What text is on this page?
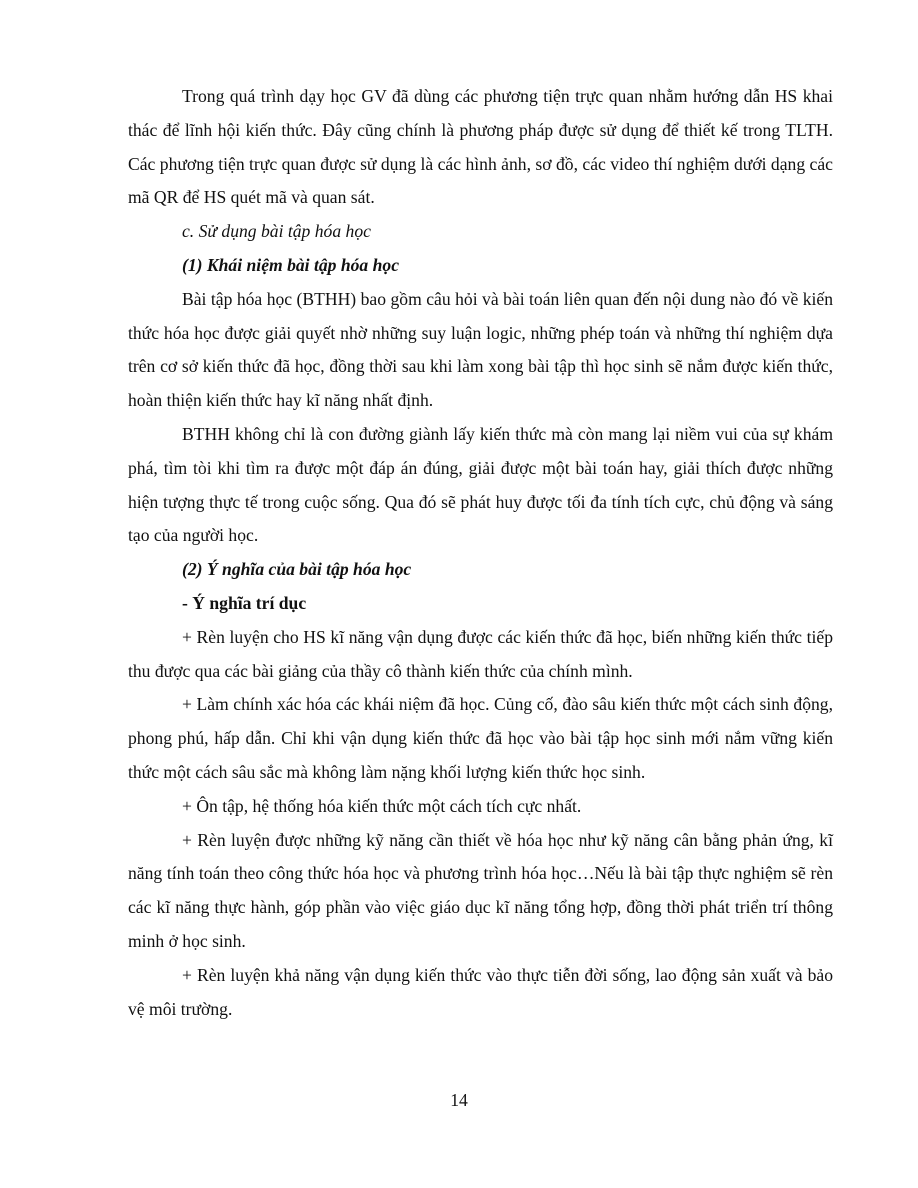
Trong quá trình dạy học GV đã dùng các phương tiện trực quan nhằm hướng dẫn HS khai thác để lĩnh hội kiến thức. Đây cũng chính là phương pháp được sử dụng để thiết kế trong TLTH. Các phương tiện trực quan được sử dụng là các hình ảnh, sơ đồ, các video thí nghiệm dưới dạng các mã QR để HS quét mã và quan sát.

c. Sử dụng bài tập hóa học

(1) Khái niệm bài tập hóa học

Bài tập hóa học (BTHH) bao gồm câu hỏi và bài toán liên quan đến nội dung nào đó về kiến thức hóa học được giải quyết nhờ những suy luận logic, những phép toán và những thí nghiệm dựa trên cơ sở kiến thức đã học, đồng thời sau khi làm xong bài tập thì học sinh sẽ nắm được kiến thức, hoàn thiện kiến thức hay kĩ năng nhất định.

BTHH không chỉ là con đường giành lấy kiến thức mà còn mang lại niềm vui của sự khám phá, tìm tòi khi tìm ra được một đáp án đúng, giải được một bài toán hay, giải thích được những hiện tượng thực tế trong cuộc sống. Qua đó sẽ phát huy được tối đa tính tích cực, chủ động và sáng tạo của người học.

(2) Ý nghĩa của bài tập hóa học

- Ý nghĩa trí dục

+ Rèn luyện cho HS kĩ năng vận dụng được các kiến thức đã học, biến những kiến thức tiếp thu được qua các bài giảng của thầy cô thành kiến thức của chính mình.

+ Làm chính xác hóa các khái niệm đã học. Củng cố, đào sâu kiến thức một cách sinh động, phong phú, hấp dẫn. Chỉ khi vận dụng kiến thức đã học vào bài tập học sinh mới nắm vững kiến thức một cách sâu sắc mà không làm nặng khối lượng kiến thức học sinh.

+ Ôn tập, hệ thống hóa kiến thức một cách tích cực nhất.

+ Rèn luyện được những kỹ năng cần thiết về hóa học như kỹ năng cân bằng phản ứng, kĩ năng tính toán theo công thức hóa học và phương trình hóa học…Nếu là bài tập thực nghiệm sẽ rèn các kĩ năng thực hành, góp phần vào việc giáo dục kĩ năng tổng hợp, đồng thời phát triển trí thông minh ở học sinh.

+ Rèn luyện khả năng vận dụng kiến thức vào thực tiễn đời sống, lao động sản xuất và bảo vệ môi trường.

14
